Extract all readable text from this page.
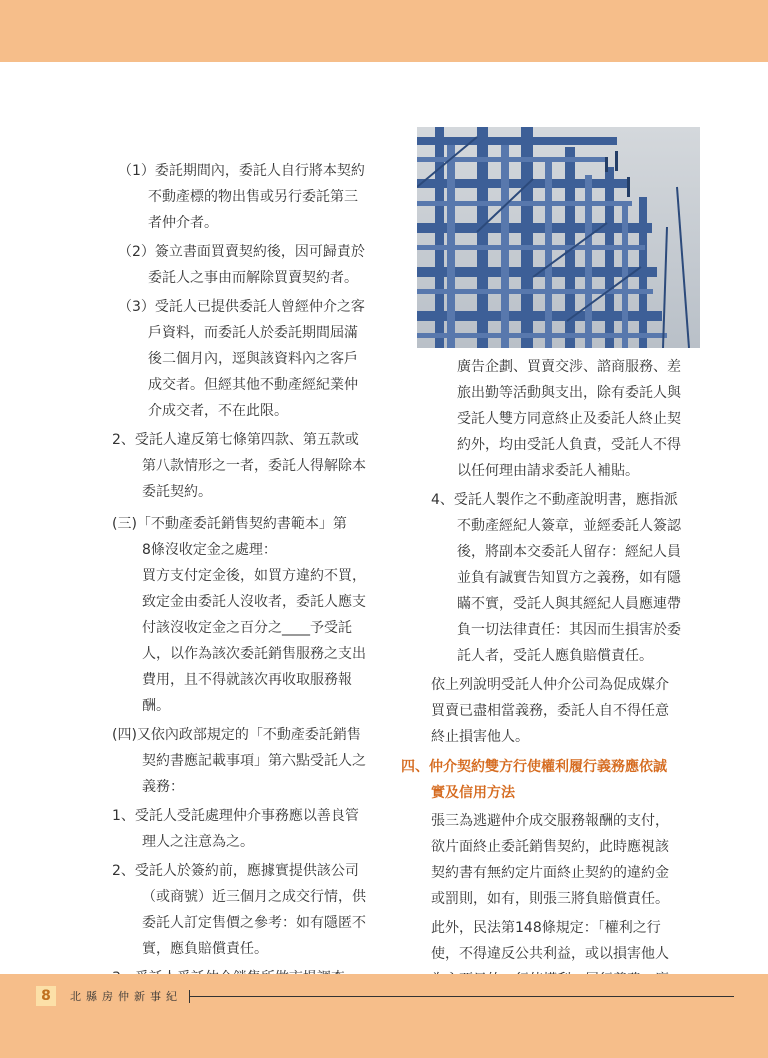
（1）委託期間內，委託人自行將本契約
不動產標的物出售或另行委託第三
者仲介者。
（2）簽立書面買賣契約後，因可歸責於
委託人之事由而解除買賣契約者。
（3）受託人已提供委託人曾經仲介之客
戶資料，而委託人於委託期間屆滿
後二個月內，逕與該資料內之客戶
成交者。但經其他不動產經紀業仲
介成交者，不在此限。
2、受託人違反第七條第四款、第五款或
第八款情形之一者，委託人得解除本
委託契約。
(三)「不動產委託銷售契約書範本」第
8條沒收定金之處理：
買方支付定金後，如買方違約不買，
致定金由委託人沒收者，委託人應支
付該沒收定金之百分之____予受託
人，以作為該次委託銷售服務之支出
費用，且不得就該次再收取服務報
酬。
(四)又依內政部規定的「不動產委託銷售
契約書應記載事項」第六點受託人之
義務：
1、受託人受託處理仲介事務應以善良管
理人之注意為之。
2、受託人於簽約前，應據實提供該公司
（或商號）近三個月之成交行情，供
委託人訂定售價之參考：如有隱匿不
實，應負賠償責任。
廣告企劃、買賣交涉、諮商服務、差
旅出勤等活動與支出，除有委託人與
受託人雙方同意終止及委託人終止契
約外，均由受託人負責，受託人不得
以任何理由請求委託人補貼。
4、受託人製作之不動產說明書，應指派
不動產經紀人簽章，並經委託人簽認
後，將副本交委託人留存：經紀人員
並負有誠實告知買方之義務，如有隱
瞞不實，受託人與其經紀人員應連帶
負一切法律責任：其因而生損害於委
託人者，受託人應負賠償責任。
依上列說明受託人仲介公司為促成媒介
買賣已盡相當義務，委託人自不得任意
終止損害他人。
四、仲介契約雙方行使權利履行義務應依誠
實及信用方法
張三為逃避仲介成交服務報酬的支付，
欲片面終止委託銷售契約，此時應視該
契約書有無約定片面終止契約的違約金
或罰則，如有，則張三將負賠償責任。
此外，民法第148條規定：「權利之行
使，不得違反公共利益，或以損害他人
8	北縣房仲新事紀
